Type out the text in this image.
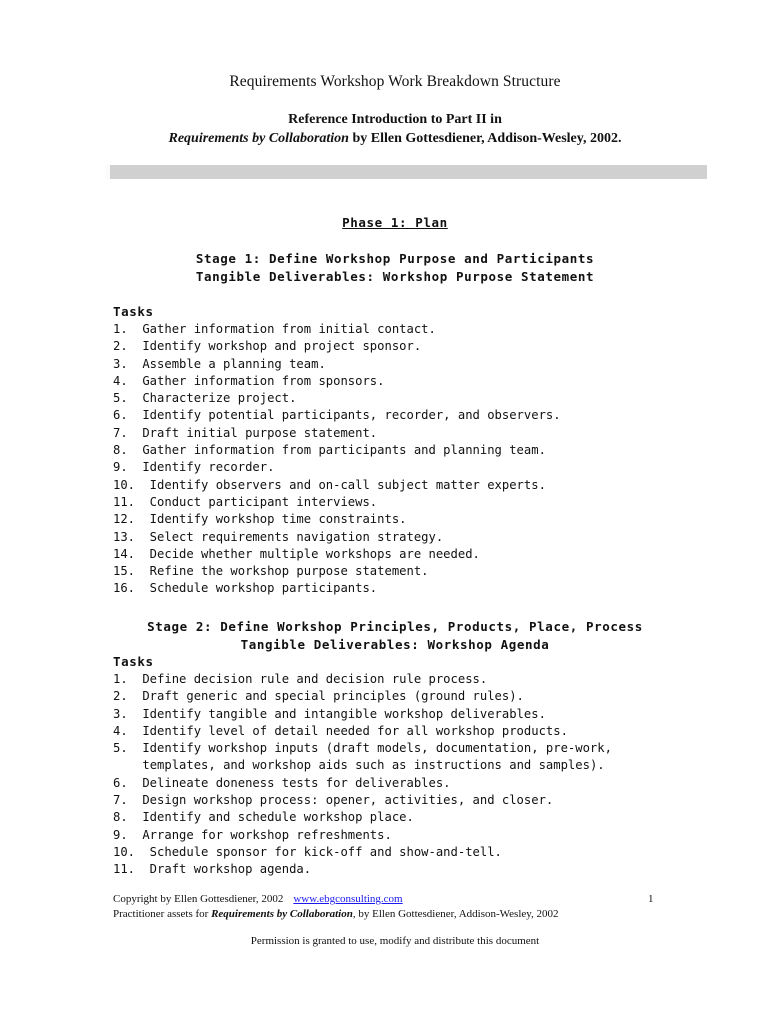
Requirements Workshop Work Breakdown Structure
Reference Introduction to Part II in
Requirements by Collaboration by Ellen Gottesdiener, Addison-Wesley, 2002.
Phase 1: Plan
Stage 1: Define Workshop Purpose and Participants
Tangible Deliverables: Workshop Purpose Statement
Tasks
1.  Gather information from initial contact.
2.  Identify workshop and project sponsor.
3.  Assemble a planning team.
4.  Gather information from sponsors.
5.  Characterize project.
6.  Identify potential participants, recorder, and observers.
7.  Draft initial purpose statement.
8.  Gather information from participants and planning team.
9.  Identify recorder.
10.  Identify observers and on-call subject matter experts.
11.  Conduct participant interviews.
12.  Identify workshop time constraints.
13.  Select requirements navigation strategy.
14.  Decide whether multiple workshops are needed.
15.  Refine the workshop purpose statement.
16.  Schedule workshop participants.
Stage 2: Define Workshop Principles, Products, Place, Process
Tangible Deliverables: Workshop Agenda
Tasks
1.  Define decision rule and decision rule process.
2.  Draft generic and special principles (ground rules).
3.  Identify tangible and intangible workshop deliverables.
4.  Identify level of detail needed for all workshop products.
5.  Identify workshop inputs (draft models, documentation, pre-work,
templates, and workshop aids such as instructions and samples).
6.  Delineate doneness tests for deliverables.
7.  Design workshop process: opener, activities, and closer.
8.  Identify and schedule workshop place.
9.  Arrange for workshop refreshments.
10.  Schedule sponsor for kick-off and show-and-tell.
11.  Draft workshop agenda.
Copyright by Ellen Gottesdiener, 2002 www.ebgconsulting.com	1
Practitioner assets for Requirements by Collaboration, by Ellen Gottesdiener, Addison-Wesley, 2002
Permission is granted to use, modify and distribute this document
